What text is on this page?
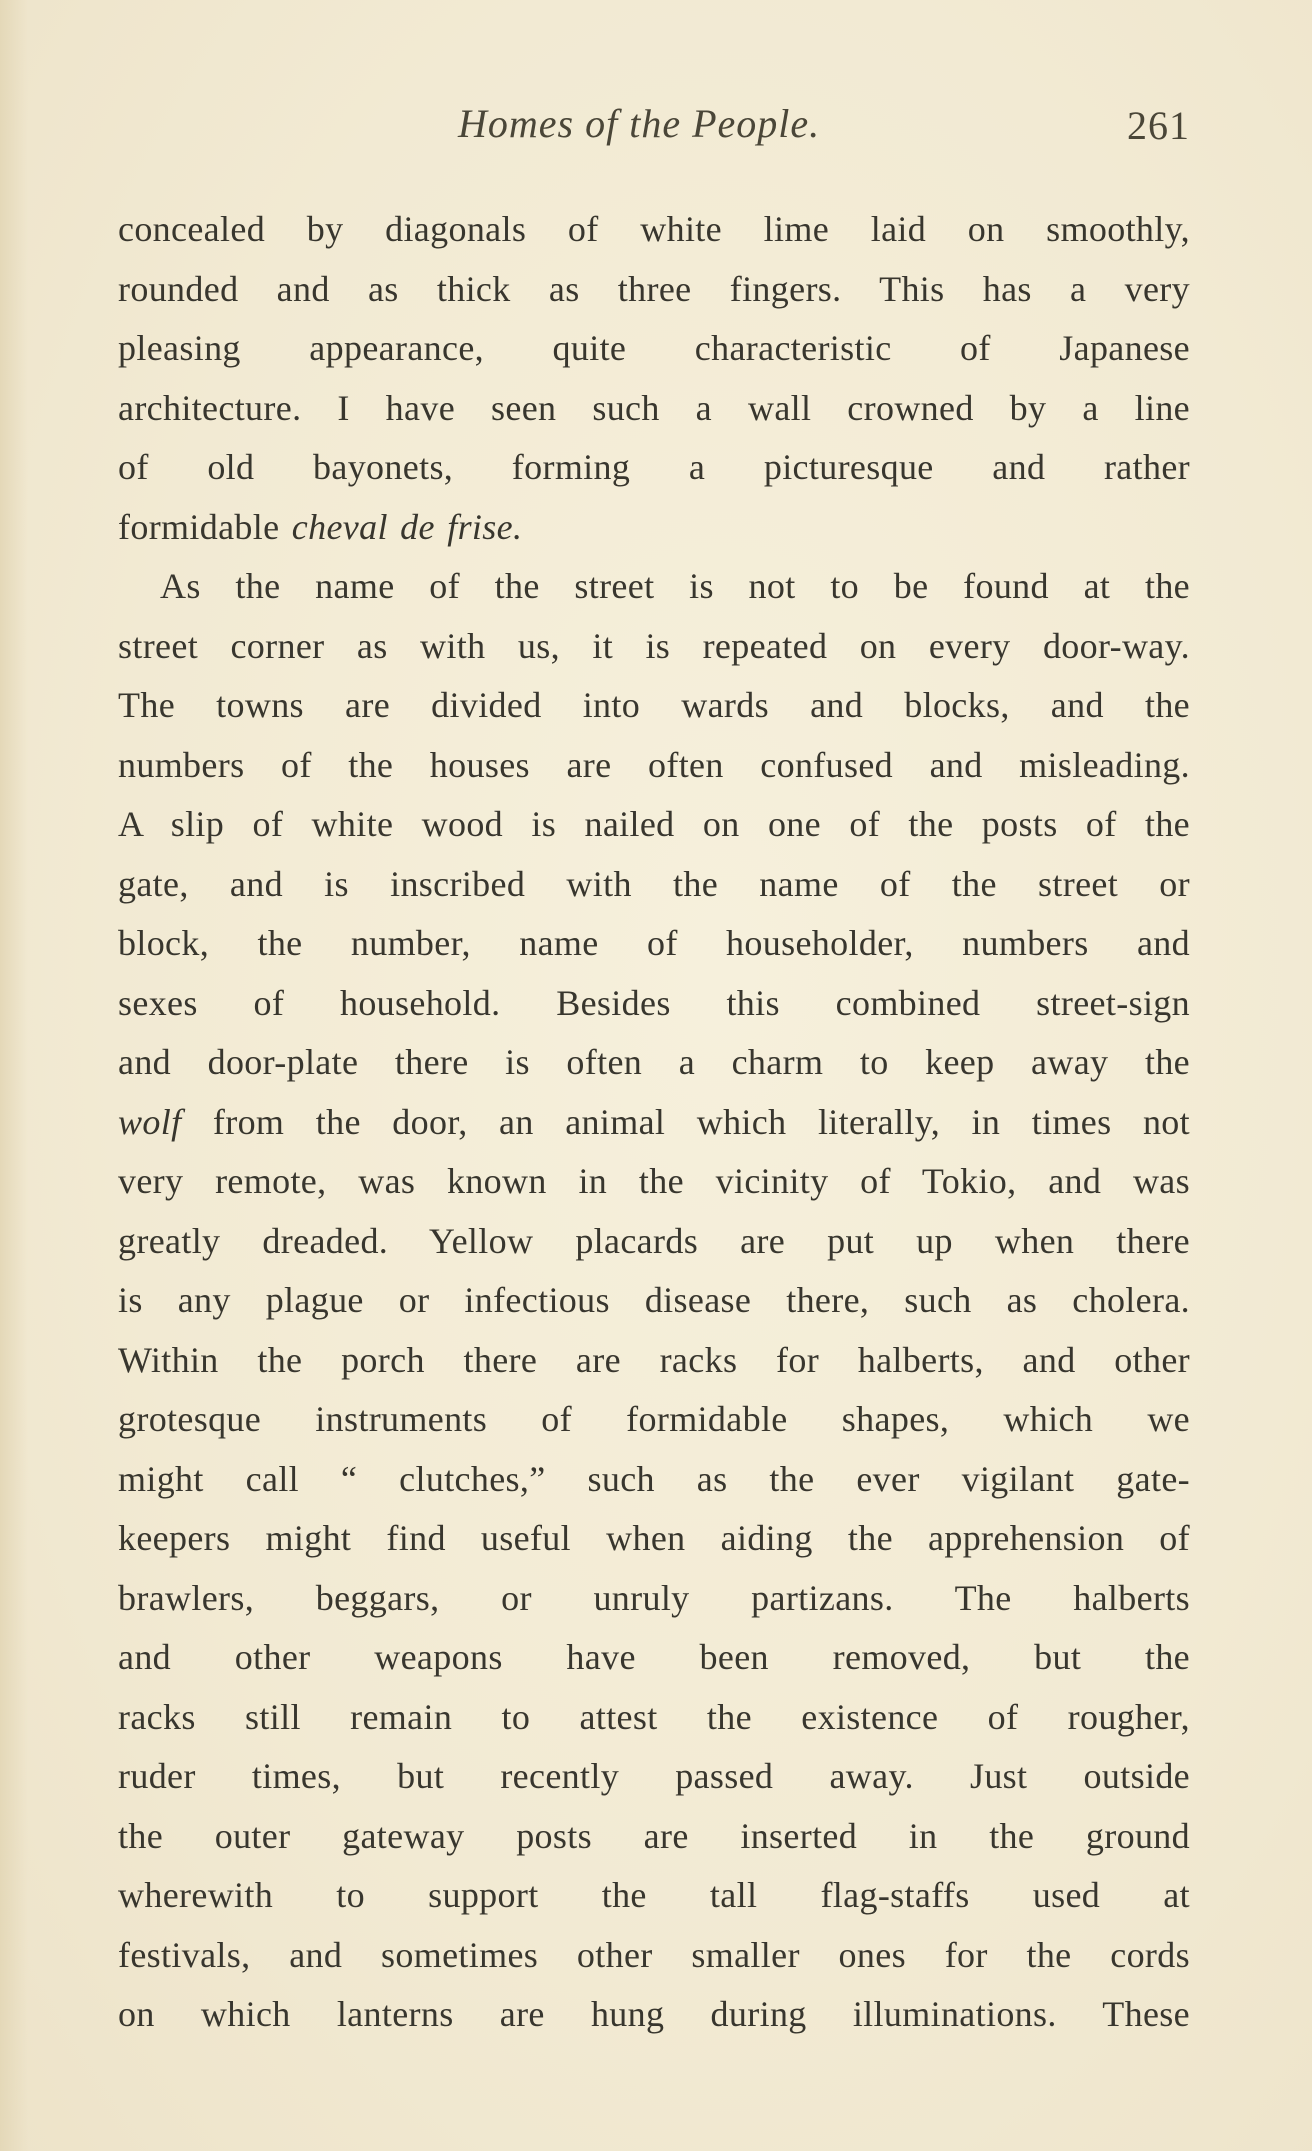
Homes of the People.	261
concealed by diagonals of white lime laid on smoothly,
rounded and as thick as three fingers. This has a very
pleasing appearance, quite characteristic of Japanese
architecture. I have seen such a wall crowned by a line
of old bayonets, forming a picturesque and rather
formidable cheval de frise.
As the name of the street is not to be found at the
street corner as with us, it is repeated on every door-way.
The towns are divided into wards and blocks, and the
numbers of the houses are often confused and misleading.
A slip of white wood is nailed on one of the posts of the
gate, and is inscribed with the name of the street or
block, the number, name of householder, numbers and
sexes of household. Besides this combined street-sign
and door-plate there is often a charm to keep away the
wolf from the door, an animal which literally, in times not
very remote, was known in the vicinity of Tokio, and was
greatly dreaded. Yellow placards are put up when there
is any plague or infectious disease there, such as cholera.
Within the porch there are racks for halberts, and other
grotesque instruments of formidable shapes, which we
might call “ clutches,” such as the ever vigilant gate-
keepers might find useful when aiding the apprehension of
brawlers, beggars, or unruly partizans. The halberts
and other weapons have been removed, but the
racks still remain to attest the existence of rougher,
ruder times, but recently passed away. Just outside
the outer gateway posts are inserted in the ground
wherewith to support the tall flag-staffs used at
festivals, and sometimes other smaller ones for the cords
on which lanterns are hung during illuminations. These
